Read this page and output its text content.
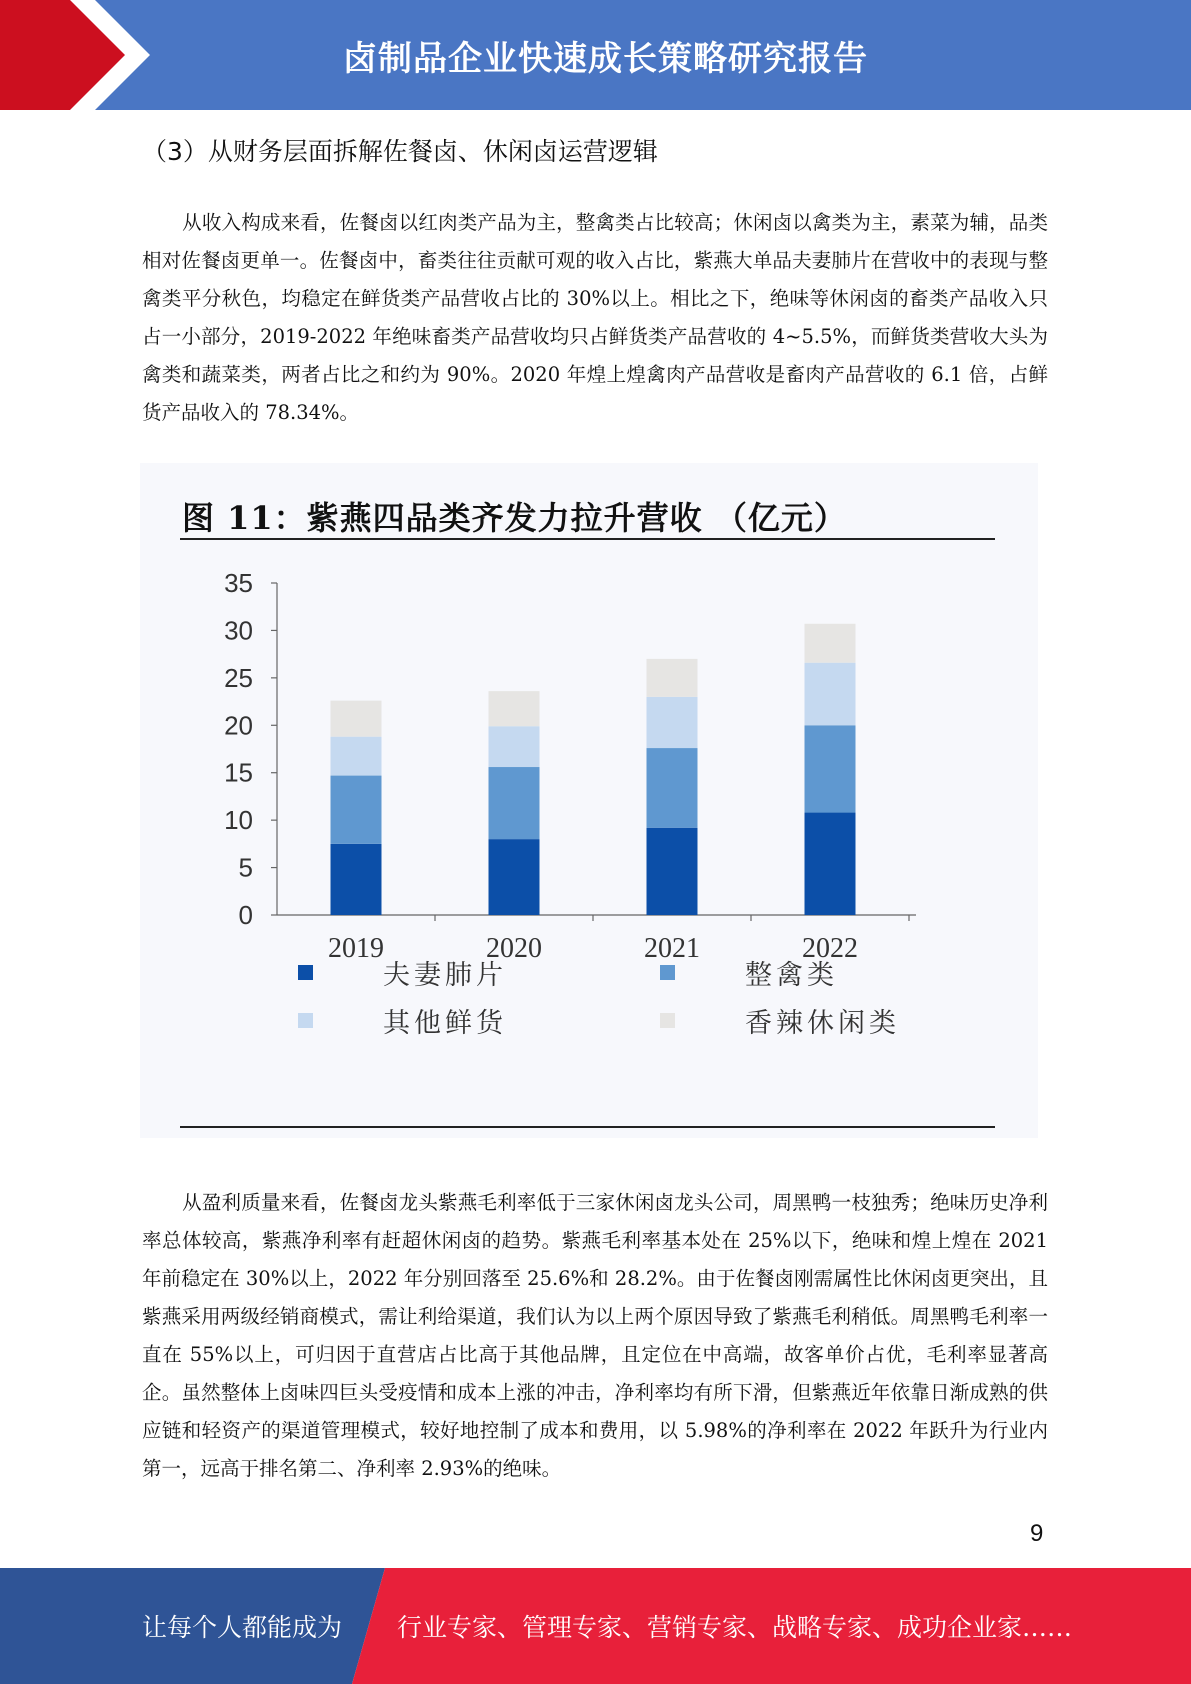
卤制品企业快速成长策略研究报告
（3）从财务层面拆解佐餐卤、休闲卤运营逻辑

从收入构成来看，佐餐卤以红肉类产品为主，整禽类占比较高；休闲卤以禽类为主，素菜为辅，品类相对佐餐卤更单一。佐餐卤中，畜类往往贡献可观的收入占比，紫燕大单品夫妻肺片在营收中的表现与整禽类平分秋色，均稳定在鲜货类产品营收占比的 30%以上。相比之下，绝味等休闲卤的畜类产品收入只占一小部分，2019-2022 年绝味畜类产品营收均只占鲜货类产品营收的 4~5.5%，而鲜货类营收大头为禽类和蔬菜类，两者占比之和约为 90%。2020 年煌上煌禽肉产品营收是畜肉产品营收的 6.1 倍，占鲜货产品收入的 78.34%。

图 11：紫燕四品类齐发力拉升营收 （亿元）
0
5
10
15
20
25
30
35
2019	2020	2021	2022
夫妻肺片	整禽类
其他鲜货	香辣休闲类

从盈利质量来看，佐餐卤龙头紫燕毛利率低于三家休闲卤龙头公司，周黑鸭一枝独秀；绝味历史净利率总体较高，紫燕净利率有赶超休闲卤的趋势。紫燕毛利率基本处在 25%以下，绝味和煌上煌在 2021 年前稳定在 30%以上，2022 年分别回落至 25.6%和 28.2%。由于佐餐卤刚需属性比休闲卤更突出，且紫燕采用两级经销商模式，需让利给渠道，我们认为以上两个原因导致了紫燕毛利稍低。周黑鸭毛利率一直在 55%以上，可归因于直营店占比高于其他品牌，且定位在中高端，故客单价占优，毛利率显著高企。虽然整体上卤味四巨头受疫情和成本上涨的冲击，净利率均有所下滑，但紫燕近年依靠日渐成熟的供应链和轻资产的渠道管理模式，较好地控制了成本和费用，以 5.98%的净利率在 2022 年跃升为行业内第一，远高于排名第二、净利率 2.93%的绝味。

9
让每个人都能成为 行业专家、管理专家、营销专家、战略专家、成功企业家……
